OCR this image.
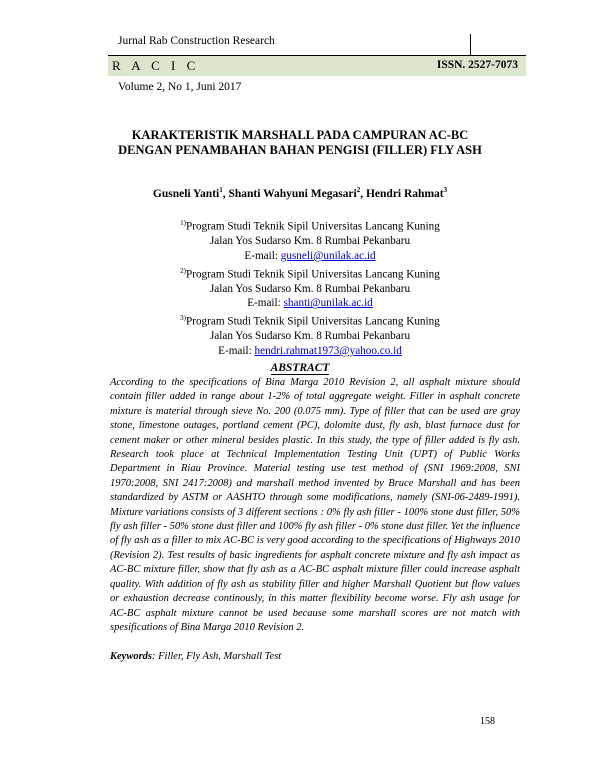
Jurnal Rab Construction Research
R A C I C	ISSN. 2527-7073
Volume 2, No 1, Juni 2017
KARAKTERISTIK MARSHALL PADA CAMPURAN AC-BC
DENGAN PENAMBAHAN BAHAN PENGISI (FILLER) FLY ASH
Gusneli Yanti$^1$, Shanti Wahyuni Megasari$^2$, Hendri Rahmat$^3$
$^{1)}$Program Studi Teknik Sipil Universitas Lancang Kuning
Jalan Yos Sudarso Km. 8 Rumbai Pekanbaru
E-mail: gusneli@unilak.ac.id
$^{2)}$Program Studi Teknik Sipil Universitas Lancang Kuning
Jalan Yos Sudarso Km. 8 Rumbai Pekanbaru
E-mail: shanti@unilak.ac.id
$^{3)}$Program Studi Teknik Sipil Universitas Lancang Kuning
Jalan Yos Sudarso Km. 8 Rumbai Pekanbaru
E-mail: hendri.rahmat1973@yahoo.co.id
ABSTRACT

According to the specifications of Bina Marga 2010 Revision 2, all asphalt mixture should contain filler added in range about 1-2% of total aggregate weight. Filler in asphalt concrete mixture is material through sieve No. 200 (0.075 mm). Type of filler that can be used are gray stone, limestone outages, portland cement (PC), dolomite dust, fly ash, blast furnace dust for cement maker or other mineral besides plastic. In this study, the type of filler added is fly ash. Research took place at Technical Implementation Testing Unit (UPT) of Public Works Department in Riau Province. Material testing use test method of (SNI 1969:2008, SNI 1970:2008, SNI 2417:2008) and marshall method invented by Bruce Marshall and has been standardized by ASTM or AASHTO through some modifications, namely (SNI-06-2489-1991). Mixture variations consists of 3 different sections : 0% fly ash filler - 100% stone dust filler, 50% fly ash filler - 50% stone dust filler and 100% fly ash filler - 0% stone dust filler. Yet the influence of fly ash as a filler to mix AC-BC is very good according to the specifications of Highways 2010 (Revision 2). Test results of basic ingredients for asphalt concrete mixture and fly ash impact as AC-BC mixture filler, show that fly ash as a AC-BC asphalt mixture filler could increase asphalt quality. With addition of fly ash as stability filler and higher Marshall Quotient but flow values or exhaustion decrease continously, in this matter flexibility become worse. Fly ash usage for AC-BC asphalt mixture cannot be used because some marshall scores are not match with spesifications of Bina Marga 2010 Revision 2.

Keywords: Filler, Fly Ash, Marshall Test
158
